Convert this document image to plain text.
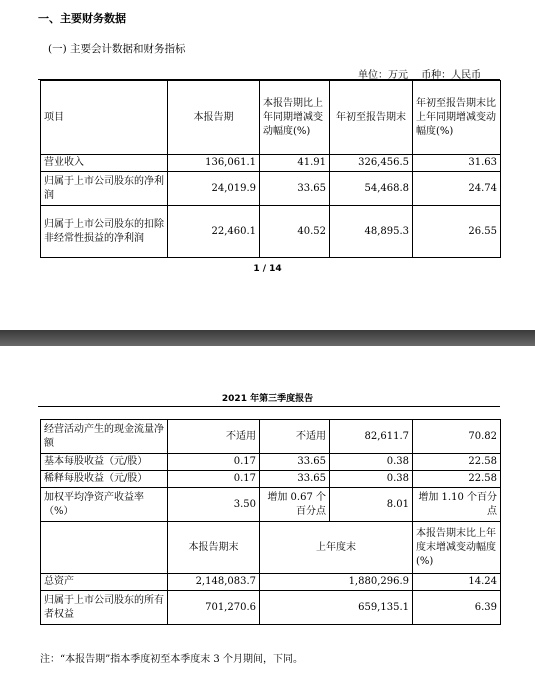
一、主要财务数据
(一) 主要会计数据和财务指标
单位：万元 币种：人民币
项目	本报告期	本报告期比上年同期增减变动幅度(%)	年初至报告期末	年初至报告期末比上年同期增减变动幅度(%)
营业收入	136,061.1	41.91	326,456.5	31.63
归属于上市公司股东的净利润	24,019.9	33.65	54,468.8	24.74
归属于上市公司股东的扣除非经常性损益的净利润	22,460.1	40.52	48,895.3	26.55
1 / 14
2021 年第三季度报告
经营活动产生的现金流量净额	不适用	不适用	82,611.7	70.82
基本每股收益（元/股）	0.17	33.65	0.38	22.58
稀释每股收益（元/股）	0.17	33.65	0.38	22.58
加权平均净资产收益率（%）	3.50	增加 0.67 个百分点	8.01	增加 1.10 个百分点
	本报告期末	上年度末		本报告期末比上年度末增减变动幅度(%)
总资产	2,148,083.7	1,880,296.9		14.24
归属于上市公司股东的所有者权益	701,270.6	659,135.1		6.39
注：“本报告期”指本季度初至本季度末 3 个月期间，下同。
